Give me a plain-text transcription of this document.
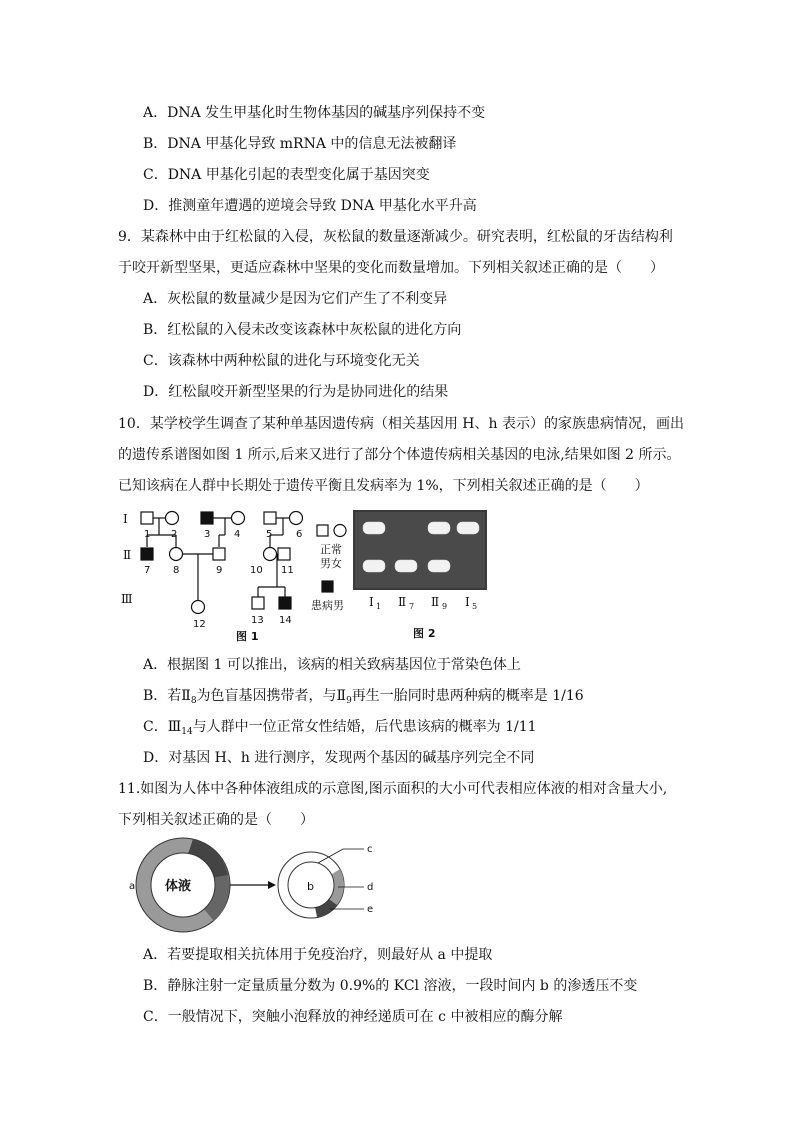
A．DNA 发生甲基化时生物体基因的碱基序列保持不变
B．DNA 甲基化导致 mRNA 中的信息无法被翻译
C．DNA 甲基化引起的表型变化属于基因突变
D．推测童年遭遇的逆境会导致 DNA 甲基化水平升高
9．某森林中由于红松鼠的入侵，灰松鼠的数量逐渐减少。研究表明，红松鼠的牙齿结构利
于咬开新型坚果，更适应森林中坚果的变化而数量增加。下列相关叙述正确的是（　　）
A．灰松鼠的数量减少是因为它们产生了不利变异
B．红松鼠的入侵未改变该森林中灰松鼠的进化方向
C．该森林中两种松鼠的进化与环境变化无关
D．红松鼠咬开新型坚果的行为是协同进化的结果
10．某学校学生调查了某种单基因遗传病（相关基因用 H、h 表示）的家族患病情况，画出
的遗传系谱图如图 1 所示,后来又进行了部分个体遗传病相关基因的电泳,结果如图 2 所示。
已知该病在人群中长期处于遗传平衡且发病率为 1%，下列相关叙述正确的是（　　）
I
Ⅱ
Ⅲ
1 2	3 4	5 6
7 8	9	10 11
12	13 14
正常
男女
患病男
图 1
I 1 Ⅱ 7 Ⅱ 9 I 5
图 2
A．根据图 1 可以推出，该病的相关致病基因位于常染色体上
B．若$Ⅱ_8$为色盲基因携带者，与$Ⅱ_9$再生一胎同时患两种病的概率是 1/16
C．$Ⅲ_{14}$与人群中一位正常女性结婚，后代患该病的概率为 1/11
D．对基因 H、h 进行测序，发现两个基因的碱基序列完全不同
11.如图为人体中各种体液组成的示意图,图示面积的大小可代表相应体液的相对含量大小,
下列相关叙述正确的是（　　）
体液
a	b
c
d
e
A．若要提取相关抗体用于免疫治疗，则最好从 a 中提取
B．静脉注射一定量质量分数为 0.9%的 KCl 溶液，一段时间内 b 的渗透压不变
C．一般情况下，突触小泡释放的神经递质可在 c 中被相应的酶分解
